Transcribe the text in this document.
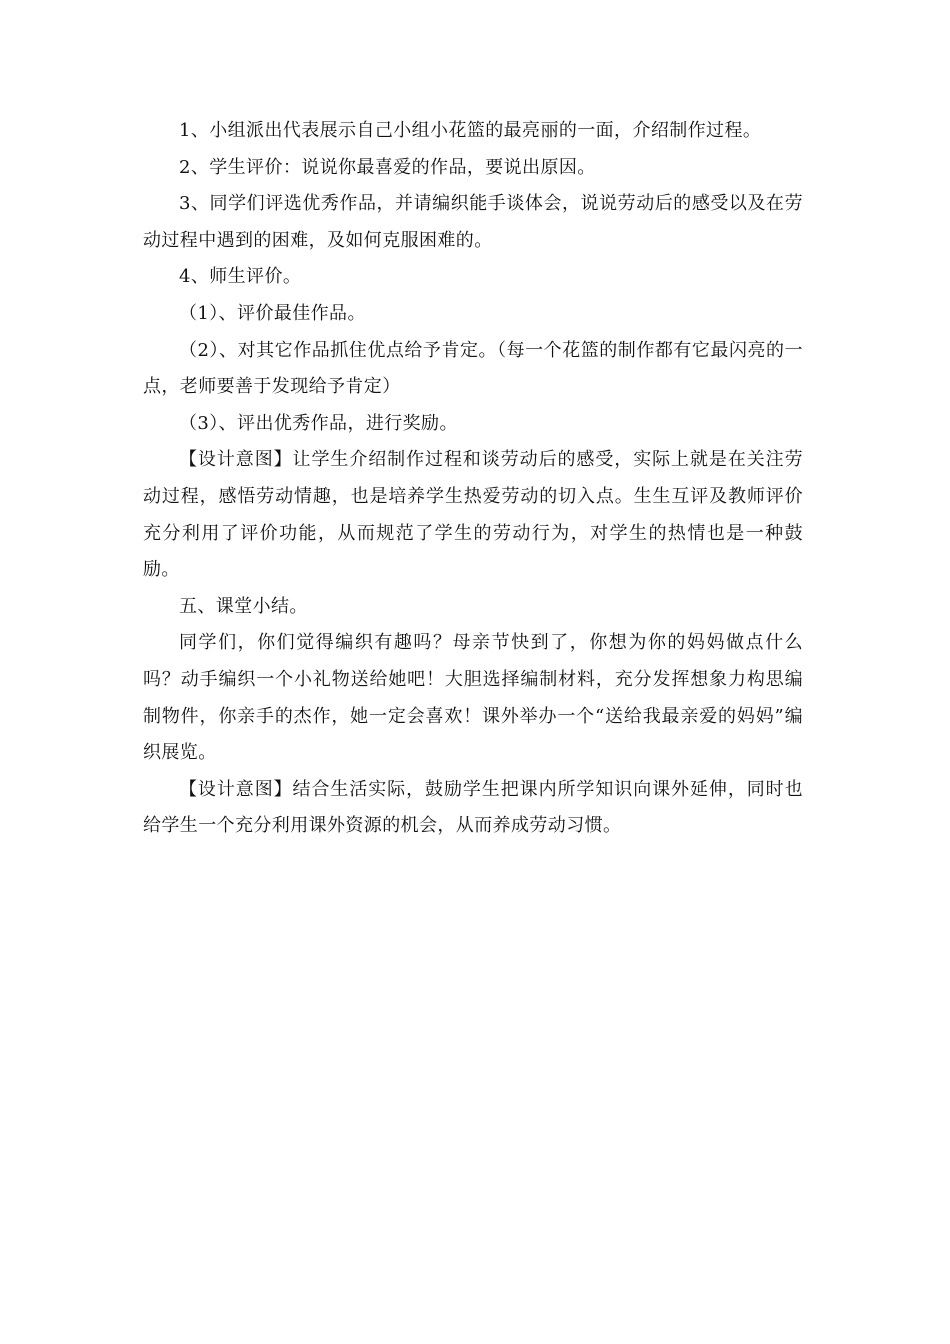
1、小组派出代表展示自己小组小花篮的最亮丽的一面，介绍制作过程。

2、学生评价：说说你最喜爱的作品，要说出原因。

3、同学们评选优秀作品，并请编织能手谈体会，说说劳动后的感受以及在劳动过程中遇到的困难，及如何克服困难的。

4、师生评价。

（1）、评价最佳作品。

（2）、对其它作品抓住优点给予肯定。（每一个花篮的制作都有它最闪亮的一点，老师要善于发现给予肯定）

（3）、评出优秀作品，进行奖励。

【设计意图】让学生介绍制作过程和谈劳动后的感受，实际上就是在关注劳动过程，感悟劳动情趣，也是培养学生热爱劳动的切入点。生生互评及教师评价充分利用了评价功能，从而规范了学生的劳动行为，对学生的热情也是一种鼓励。

五、课堂小结。

同学们，你们觉得编织有趣吗？母亲节快到了，你想为你的妈妈做点什么吗？动手编织一个小礼物送给她吧！大胆选择编制材料，充分发挥想象力构思编制物件，你亲手的杰作，她一定会喜欢！课外举办一个“送给我最亲爱的妈妈”编织展览。

【设计意图】结合生活实际，鼓励学生把课内所学知识向课外延伸，同时也给学生一个充分利用课外资源的机会，从而养成劳动习惯。
